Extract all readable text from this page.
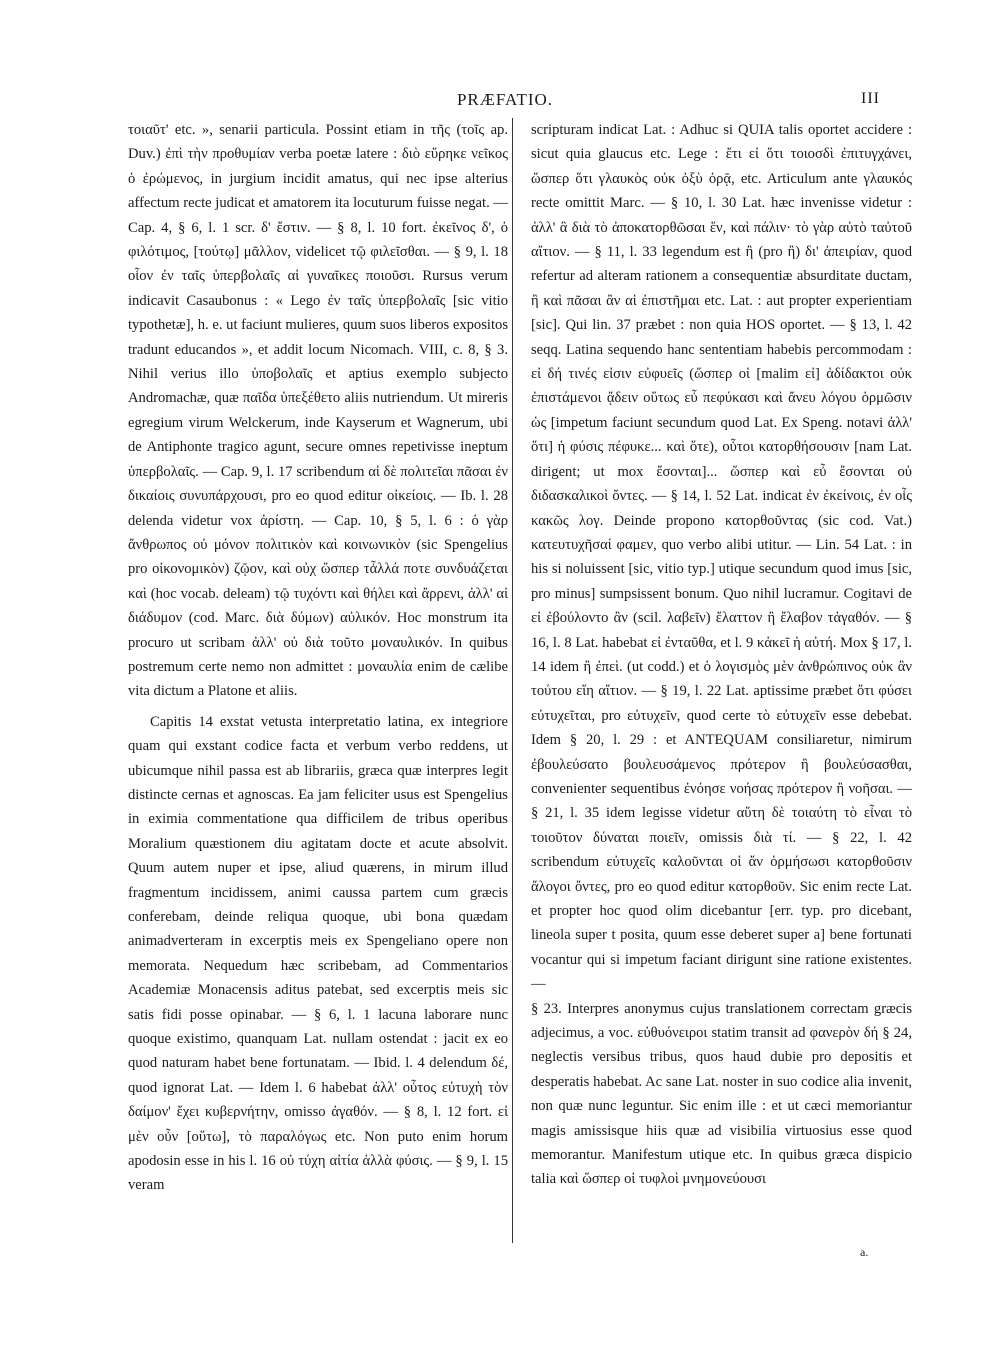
PRÆFATIO.	III

τοιαῦτ' etc. », senarii particula. Possint etiam in τῆς (τοῖς ap. Duv.) ἐπὶ τὴν προθυμίαν verba poetæ latere : διὸ εὕρηκε νεῖκος ὁ ἐρώμενος, in jurgium incidit amatus, qui nec ipse alterius affectum recte judicat et amatorem ita locuturum fuisse negat. — Cap. 4, § 6, l. 1 scr. δ' ἔστιν. — § 8, l. 10 fort. ἐκεῖνος δ', ὁ φιλότιμος, [τούτῳ] μᾶλλον, videlicet τῷ φιλεῖσθαι. — § 9, l. 18 οἷον ἐν ταῖς ὑπερβολαῖς αἱ γυναῖκες ποιοῦσι. Rursus verum indicavit Casaubonus : « Lego ἐν ταῖς ὑπερβολαῖς [sic vitio typothetæ], h. e. ut faciunt mulieres, quum suos liberos expositos tradunt educandos », et addit locum Nicomach. VIII, c. 8, § 3. Nihil verius illo ὑποβολαῖς et aptius exemplo subjecto Andromachæ, quæ παῖδα ὑπεξέθετο aliis nutriendum. Ut mireris egregium virum Welckerum, inde Kayserum et Wagnerum, ubi de Antiphonte tragico agunt, secure omnes repetivisse ineptum ὑπερβολαῖς. — Cap. 9, l. 17 scribendum αἱ δὲ πολιτεῖαι πᾶσαι ἐν δικαίοις συνυπάρχουσι, pro eo quod editur οἰκείοις. — Ib. l. 28 delenda videtur vox ἀρίστη. — Cap. 10, § 5, l. 6 : ὁ γὰρ ἄνθρωπος οὐ μόνον πολιτικὸν καὶ κοινωνικὸν (sic Spengelius pro οἰκονομικὸν) ζῷον, καὶ οὐχ ὥσπερ τἆλλά ποτε συνδυάζεται καὶ (hoc vocab. deleam) τῷ τυχόντι καὶ θήλει καὶ ἄρρενι, ἀλλ' αἱ διάδυμον (cod. Marc. διὰ δύμων) αὐλικόν. Hoc monstrum ita procuro ut scribam ἀλλ' οὐ διὰ τοῦτο μοναυλικόν. In quibus postremum certe nemo non admittet : μοναυλία enim de cælibe vita dictum a Platone et aliis.

Capitis 14 exstat vetusta interpretatio latina, ex integriore quam qui exstant codice facta et verbum verbo reddens, ut ubicumque nihil passa est ab librariis, græca quæ interpres legit distincte cernas et agnoscas. Ea jam feliciter usus est Spengelius in eximia commentatione qua difficilem de tribus operibus Moralium quæstionem diu agitatam docte et acute absolvit. Quum autem nuper et ipse, aliud quærens, in mirum illud fragmentum incidissem, animi caussa partem cum græcis conferebam, deinde reliqua quoque, ubi bona quædam animadverteram in excerptis meis ex Spengeliano opere non memorata. Nequedum hæc scribebam, ad Commentarios Academiæ Monacensis aditus patebat, sed excerptis meis sic satis fidi posse opinabar. — § 6, l. 1 lacuna laborare nunc quoque existimo, quanquam Lat. nullam ostendat : jacit ex eo quod naturam habet bene fortunatam. — Ibid. l. 4 delendum δέ, quod ignorat Lat. — Idem l. 6 habebat ἀλλ' οὗτος εὐτυχὴ τὸν δαίμον' ἔχει κυβερνήτην, omisso ἀγαθόν. — § 8, l. 12 fort. εἰ μὲν οὖν [οὕτω], τὸ παραλόγως etc. Non puto enim horum apodosin esse in his l. 16 οὐ τύχη αἰτία ἀλλὰ φύσις. — § 9, l. 15 veram

scripturam indicat Lat. : Adhuc si QUIA talis oportet accidere : sicut quia glaucus etc. Lege : ἔτι εἰ ὅτι τοιοσδὶ ἐπιτυγχάνει, ὥσπερ ὅτι γλαυκὸς οὐκ ὀξὺ ὁρᾷ, etc. Articulum ante γλαυκός recte omittit Marc. — § 10, l. 30 Lat. hæc invenisse videtur : ἀλλ' ἃ διὰ τὸ ἀποκατορθῶσαι ἕν, καὶ πάλιν· τὸ γὰρ αὐτὸ ταὐτοῦ αἴτιον. — § 11, l. 33 legendum est ἢ (pro ἢ) δι' ἀπειρίαν, quod refertur ad alteram rationem a consequentiæ absurditate ductam, ἢ καὶ πᾶσαι ἂν αἱ ἐπιστῆμαι etc. Lat. : aut propter experientiam [sic]. Qui lin. 37 præbet : non quia HOS oportet. — § 13, l. 42 seqq. Latina sequendo hanc sententiam habebis percommodam : εἰ δή τινές εἰσιν εὐφυεῖς (ὥσπερ οἱ [malim εἰ] ἀδίδακτοι οὐκ ἐπιστάμενοι ᾄδειν οὕτως εὖ πεφύκασι καὶ ἄνευ λόγου ὁρμῶσιν ὡς [impetum faciunt secundum quod Lat. Ex Speng. notavi ἀλλ' ὅτι] ἡ φύσις πέφυκε... καὶ ὅτε), οὗτοι κατορθήσουσιν [nam Lat. dirigent; ut mox ἔσονται]... ὥσπερ καὶ εὖ ἔσονται οὐ διδασκαλικοὶ ὄντες. — § 14, l. 52 Lat. indicat ἐν ἐκείνοις, ἐν οἷς κακῶς λογ. Deinde propono κατορθοῦντας (sic cod. Vat.) κατευτυχῆσαί φαμεν, quo verbo alibi utitur. — Lin. 54 Lat. : in his si noluissent [sic, vitio typ.] utique secundum quod imus [sic, pro minus] sumpsissent bonum. Quo nihil lucramur. Cogitavi de εἰ ἐβούλοντο ἂν (scil. λαβεῖν) ἔλαττον ἢ ἔλαβον τἀγαθόν. — § 16, l. 8 Lat. habebat εἰ ἐνταῦθα, et l. 9 κἀκεῖ ἡ αὐτή. Mox § 17, l. 14 idem ἢ ἐπεὶ. (ut codd.) et ὁ λογισμὸς μὲν ἀνθρώπινος οὐκ ἂν τούτου εἴη αἴτιον. — § 19, l. 22 Lat. aptissime præbet ὅτι φύσει εὐτυχεῖται, pro εὐτυχεῖν, quod certe τὸ εὐτυχεῖν esse debebat. Idem § 20, l. 29 : et ANTEQUAM consiliaretur, nimirum ἐβουλεύσατο βουλευσάμενος πρότερον ἢ βουλεύσασθαι, convenienter sequentibus ἐνόησε νοήσας πρότερον ἢ νοῆσαι. — § 21, l. 35 idem legisse videtur αὕτη δὲ τοιαύτη τὸ εἶναι τὸ τοιοῦτον δύναται ποιεῖν, omissis διὰ τί. — § 22, l. 42 scribendum εὐτυχεῖς καλοῦνται οἱ ἄν ὁρμήσωσι κατορθοῦσιν ἄλογοι ὄντες, pro eo quod editur κατορθοῦν. Sic enim recte Lat. et propter hoc quod olim dicebantur [err. typ. pro dicebant, lineola super t posita, quum esse deberet super a] bene fortunati vocantur qui si impetum faciant dirigunt sine ratione existentes. —

§ 23. Interpres anonymus cujus translationem correctam græcis adjecimus, a voc. εὐθυόνειροι statim transit ad φανερὸν δή § 24, neglectis versibus tribus, quos haud dubie pro depositis et desperatis habebat. Ac sane Lat. noster in suo codice alia invenit, non quæ nunc leguntur. Sic enim ille : et ut cæci memoriantur magis amissisque hiis quæ ad visibilia virtuosius esse quod memorantur. Manifestum utique etc. In quibus græca dispicio talia καὶ ὥσπερ οἱ τυφλοὶ μνημονεύουσι

a.
